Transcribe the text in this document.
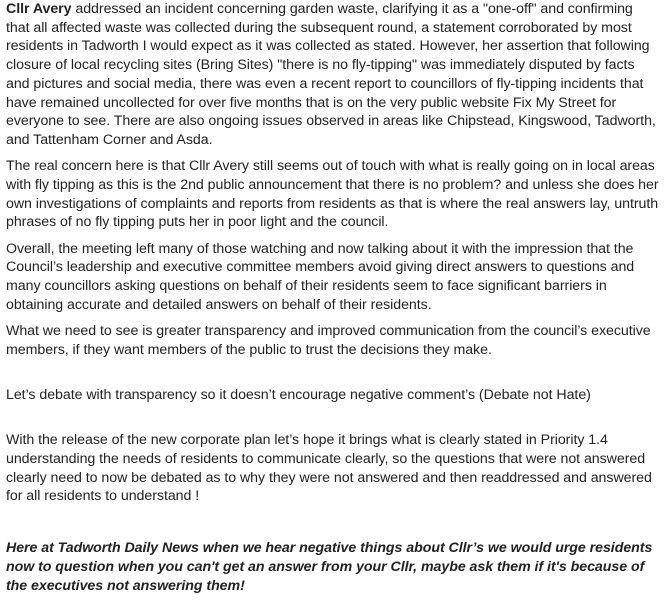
Cllr Avery addressed an incident concerning garden waste, clarifying it as a "one-off" and confirming that all affected waste was collected during the subsequent round, a statement corroborated by most residents in Tadworth I would expect as it was collected as stated. However, her assertion that following closure of local recycling sites (Bring Sites) "there is no fly-tipping" was immediately disputed by facts and pictures and social media, there was even a recent report to councillors of fly-tipping incidents that have remained uncollected for over five months that is on the very public website Fix My Street for everyone to see. There are also ongoing issues observed in areas like Chipstead, Kingswood, Tadworth, and Tattenham Corner and Asda.

The real concern here is that Cllr Avery still seems out of touch with what is really going on in local areas with fly tipping as this is the 2nd public announcement that there is no problem? and unless she does her own investigations of complaints and reports from residents as that is where the real answers lay, untruth phrases of no fly tipping puts her in poor light and the council.

Overall, the meeting left many of those watching and now talking about it with the impression that the Council’s leadership and executive committee members avoid giving direct answers to questions and many councillors asking questions on behalf of their residents seem to face significant barriers in obtaining accurate and detailed answers on behalf of their residents.

What we need to see is greater transparency and improved communication from the council’s executive members, if they want members of the public to trust the decisions they make.

Let’s debate with transparency so it doesn’t encourage negative comment’s (Debate not Hate)

With the release of the new corporate plan let’s hope it brings what is clearly stated in Priority 1.4 understanding the needs of residents to communicate clearly, so the questions that were not answered clearly need to now be debated as to why they were not answered and then readdressed and answered for all residents to understand !

Here at Tadworth Daily News when we hear negative things about Cllr’s we would urge residents now to question when you can't get an answer from your Cllr, maybe ask them if it's because of the executives not answering them!
